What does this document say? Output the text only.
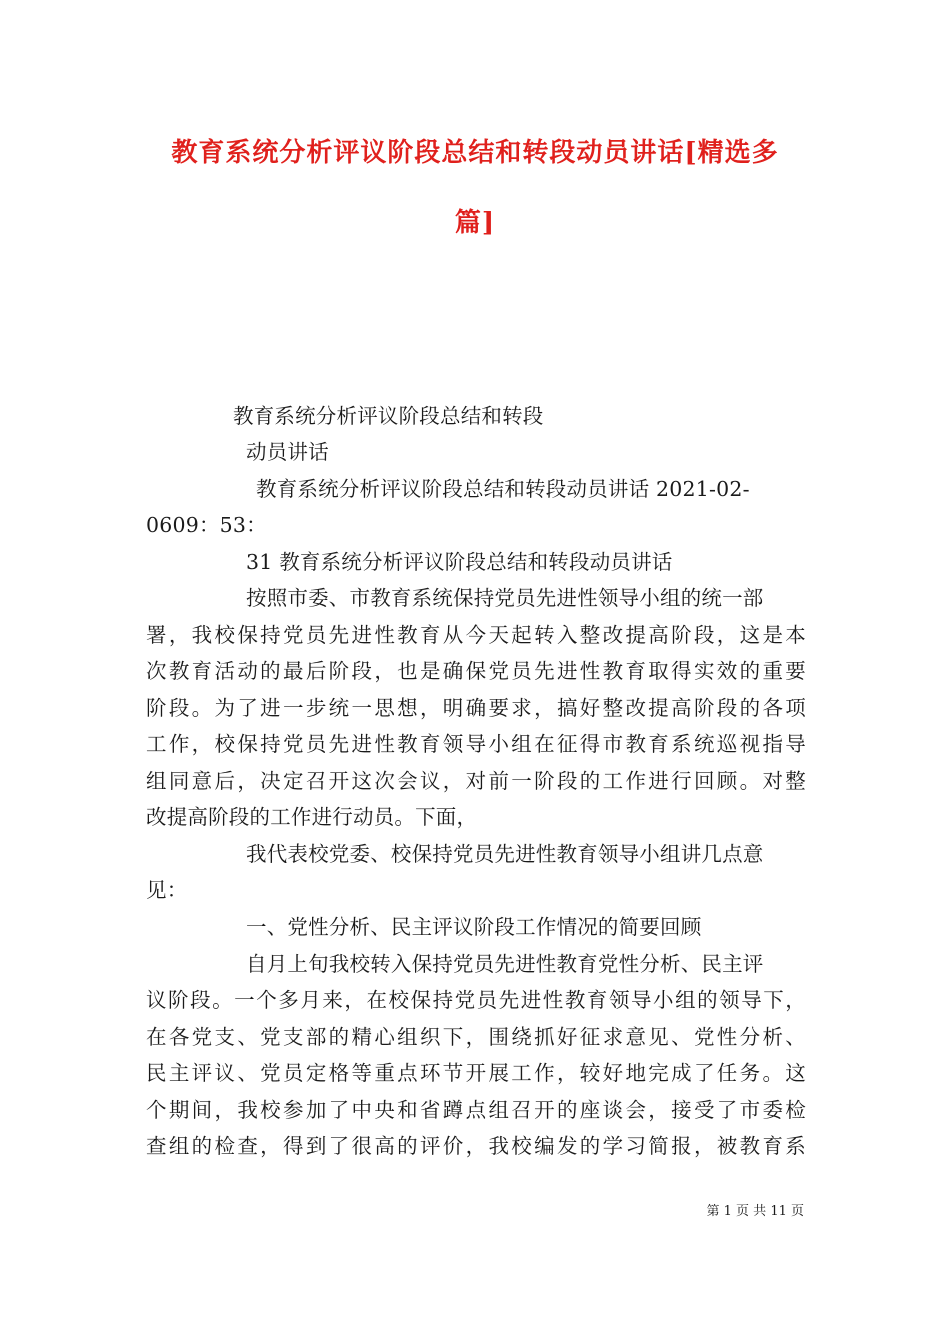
教育系统分析评议阶段总结和转段动员讲话[精选多
篇]
教育系统分析评议阶段总结和转段
动员讲话
教育系统分析评议阶段总结和转段动员讲话 2021-02-
0609：53：
31 教育系统分析评议阶段总结和转段动员讲话
按照市委、市教育系统保持党员先进性领导小组的统一部
署，我校保持党员先进性教育从今天起转入整改提高阶段，这是本
次教育活动的最后阶段，也是确保党员先进性教育取得实效的重要
阶段。为了进一步统一思想，明确要求，搞好整改提高阶段的各项
工作，校保持党员先进性教育领导小组在征得市教育系统巡视指导
组同意后，决定召开这次会议，对前一阶段的工作进行回顾。对整
改提高阶段的工作进行动员。下面，
我代表校党委、校保持党员先进性教育领导小组讲几点意
见：
一、党性分析、民主评议阶段工作情况的简要回顾
自月上旬我校转入保持党员先进性教育党性分析、民主评
议阶段。一个多月来，在校保持党员先进性教育领导小组的领导下，
在各党支、党支部的精心组织下，围绕抓好征求意见、党性分析、
民主评议、党员定格等重点环节开展工作，较好地完成了任务。这
个期间，我校参加了中央和省蹲点组召开的座谈会，接受了市委检
查组的检查，得到了很高的评价，我校编发的学习简报，被教育系
第 1 页 共 11 页
